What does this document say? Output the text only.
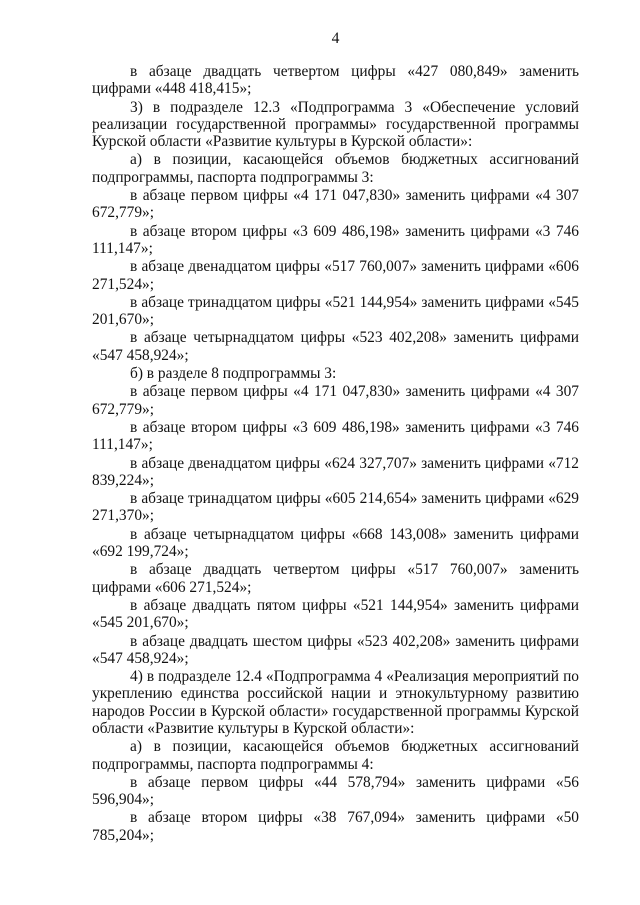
4

в абзаце двадцать четвертом цифры «427 080,849» заменить цифрами «448 418,415»;

3) в подразделе 12.3 «Подпрограмма 3 «Обеспечение условий реализации государственной программы» государственной программы Курской области «Развитие культуры в Курской области»:

а) в позиции, касающейся объемов бюджетных ассигнований подпрограммы, паспорта подпрограммы 3:

в абзаце первом цифры «4 171 047,830» заменить цифрами «4 307 672,779»;

в абзаце втором цифры «3 609 486,198» заменить цифрами «3 746 111,147»;

в абзаце двенадцатом цифры «517 760,007» заменить цифрами «606 271,524»;

в абзаце тринадцатом цифры «521 144,954» заменить цифрами «545 201,670»;

в абзаце четырнадцатом цифры «523 402,208» заменить цифрами «547 458,924»;

б) в разделе 8 подпрограммы 3:

в абзаце первом цифры «4 171 047,830» заменить цифрами «4 307 672,779»;

в абзаце втором цифры «3 609 486,198» заменить цифрами «3 746 111,147»;

в абзаце двенадцатом цифры «624 327,707» заменить цифрами «712 839,224»;

в абзаце тринадцатом цифры «605 214,654» заменить цифрами «629 271,370»;

в абзаце четырнадцатом цифры «668 143,008» заменить цифрами «692 199,724»;

в абзаце двадцать четвертом цифры «517 760,007» заменить цифрами «606 271,524»;

в абзаце двадцать пятом цифры «521 144,954» заменить цифрами «545 201,670»;

в абзаце двадцать шестом цифры «523 402,208» заменить цифрами «547 458,924»;

4) в подразделе 12.4 «Подпрограмма 4 «Реализация мероприятий по укреплению единства российской нации и этнокультурному развитию народов России в Курской области» государственной программы Курской области «Развитие культуры в Курской области»:

а) в позиции, касающейся объемов бюджетных ассигнований подпрограммы, паспорта подпрограммы 4:

в абзаце первом цифры «44 578,794» заменить цифрами «56 596,904»;

в абзаце втором цифры «38 767,094» заменить цифрами «50 785,204»;
